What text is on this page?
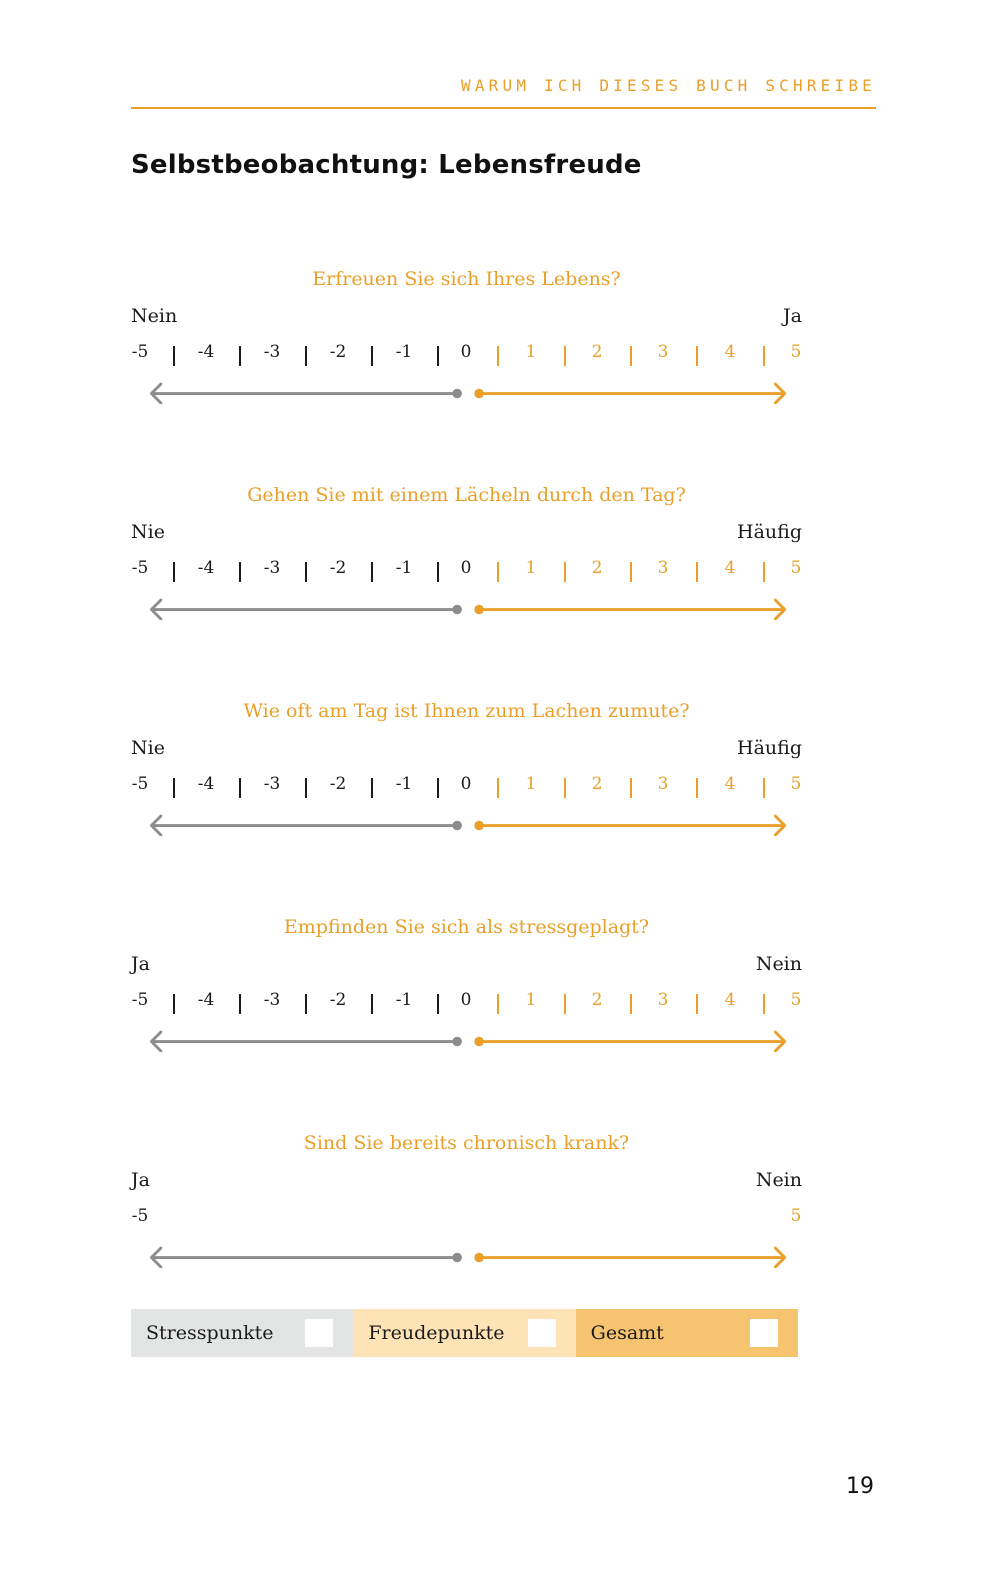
WARUM ICH DIESES BUCH SCHREIBE
Selbstbeobachtung: Lebensfreude
Erfreuen Sie sich Ihres Lebens?
Nein	Ja
-5	-4	-3	-2	-1	0	1	2	3	4	5
Gehen Sie mit einem Lächeln durch den Tag?
Nie	Häufig
-5	-4	-3	-2	-1	0	1	2	3	4	5
Wie oft am Tag ist Ihnen zum Lachen zumute?
Nie	Häufig
-5	-4	-3	-2	-1	0	1	2	3	4	5
Empfinden Sie sich als stressgeplagt?
Ja	Nein
-5	-4	-3	-2	-1	0	1	2	3	4	5
Sind Sie bereits chronisch krank?
Ja	Nein
-5	5
Stresspunkte	Freudepunkte	Gesamt
19
